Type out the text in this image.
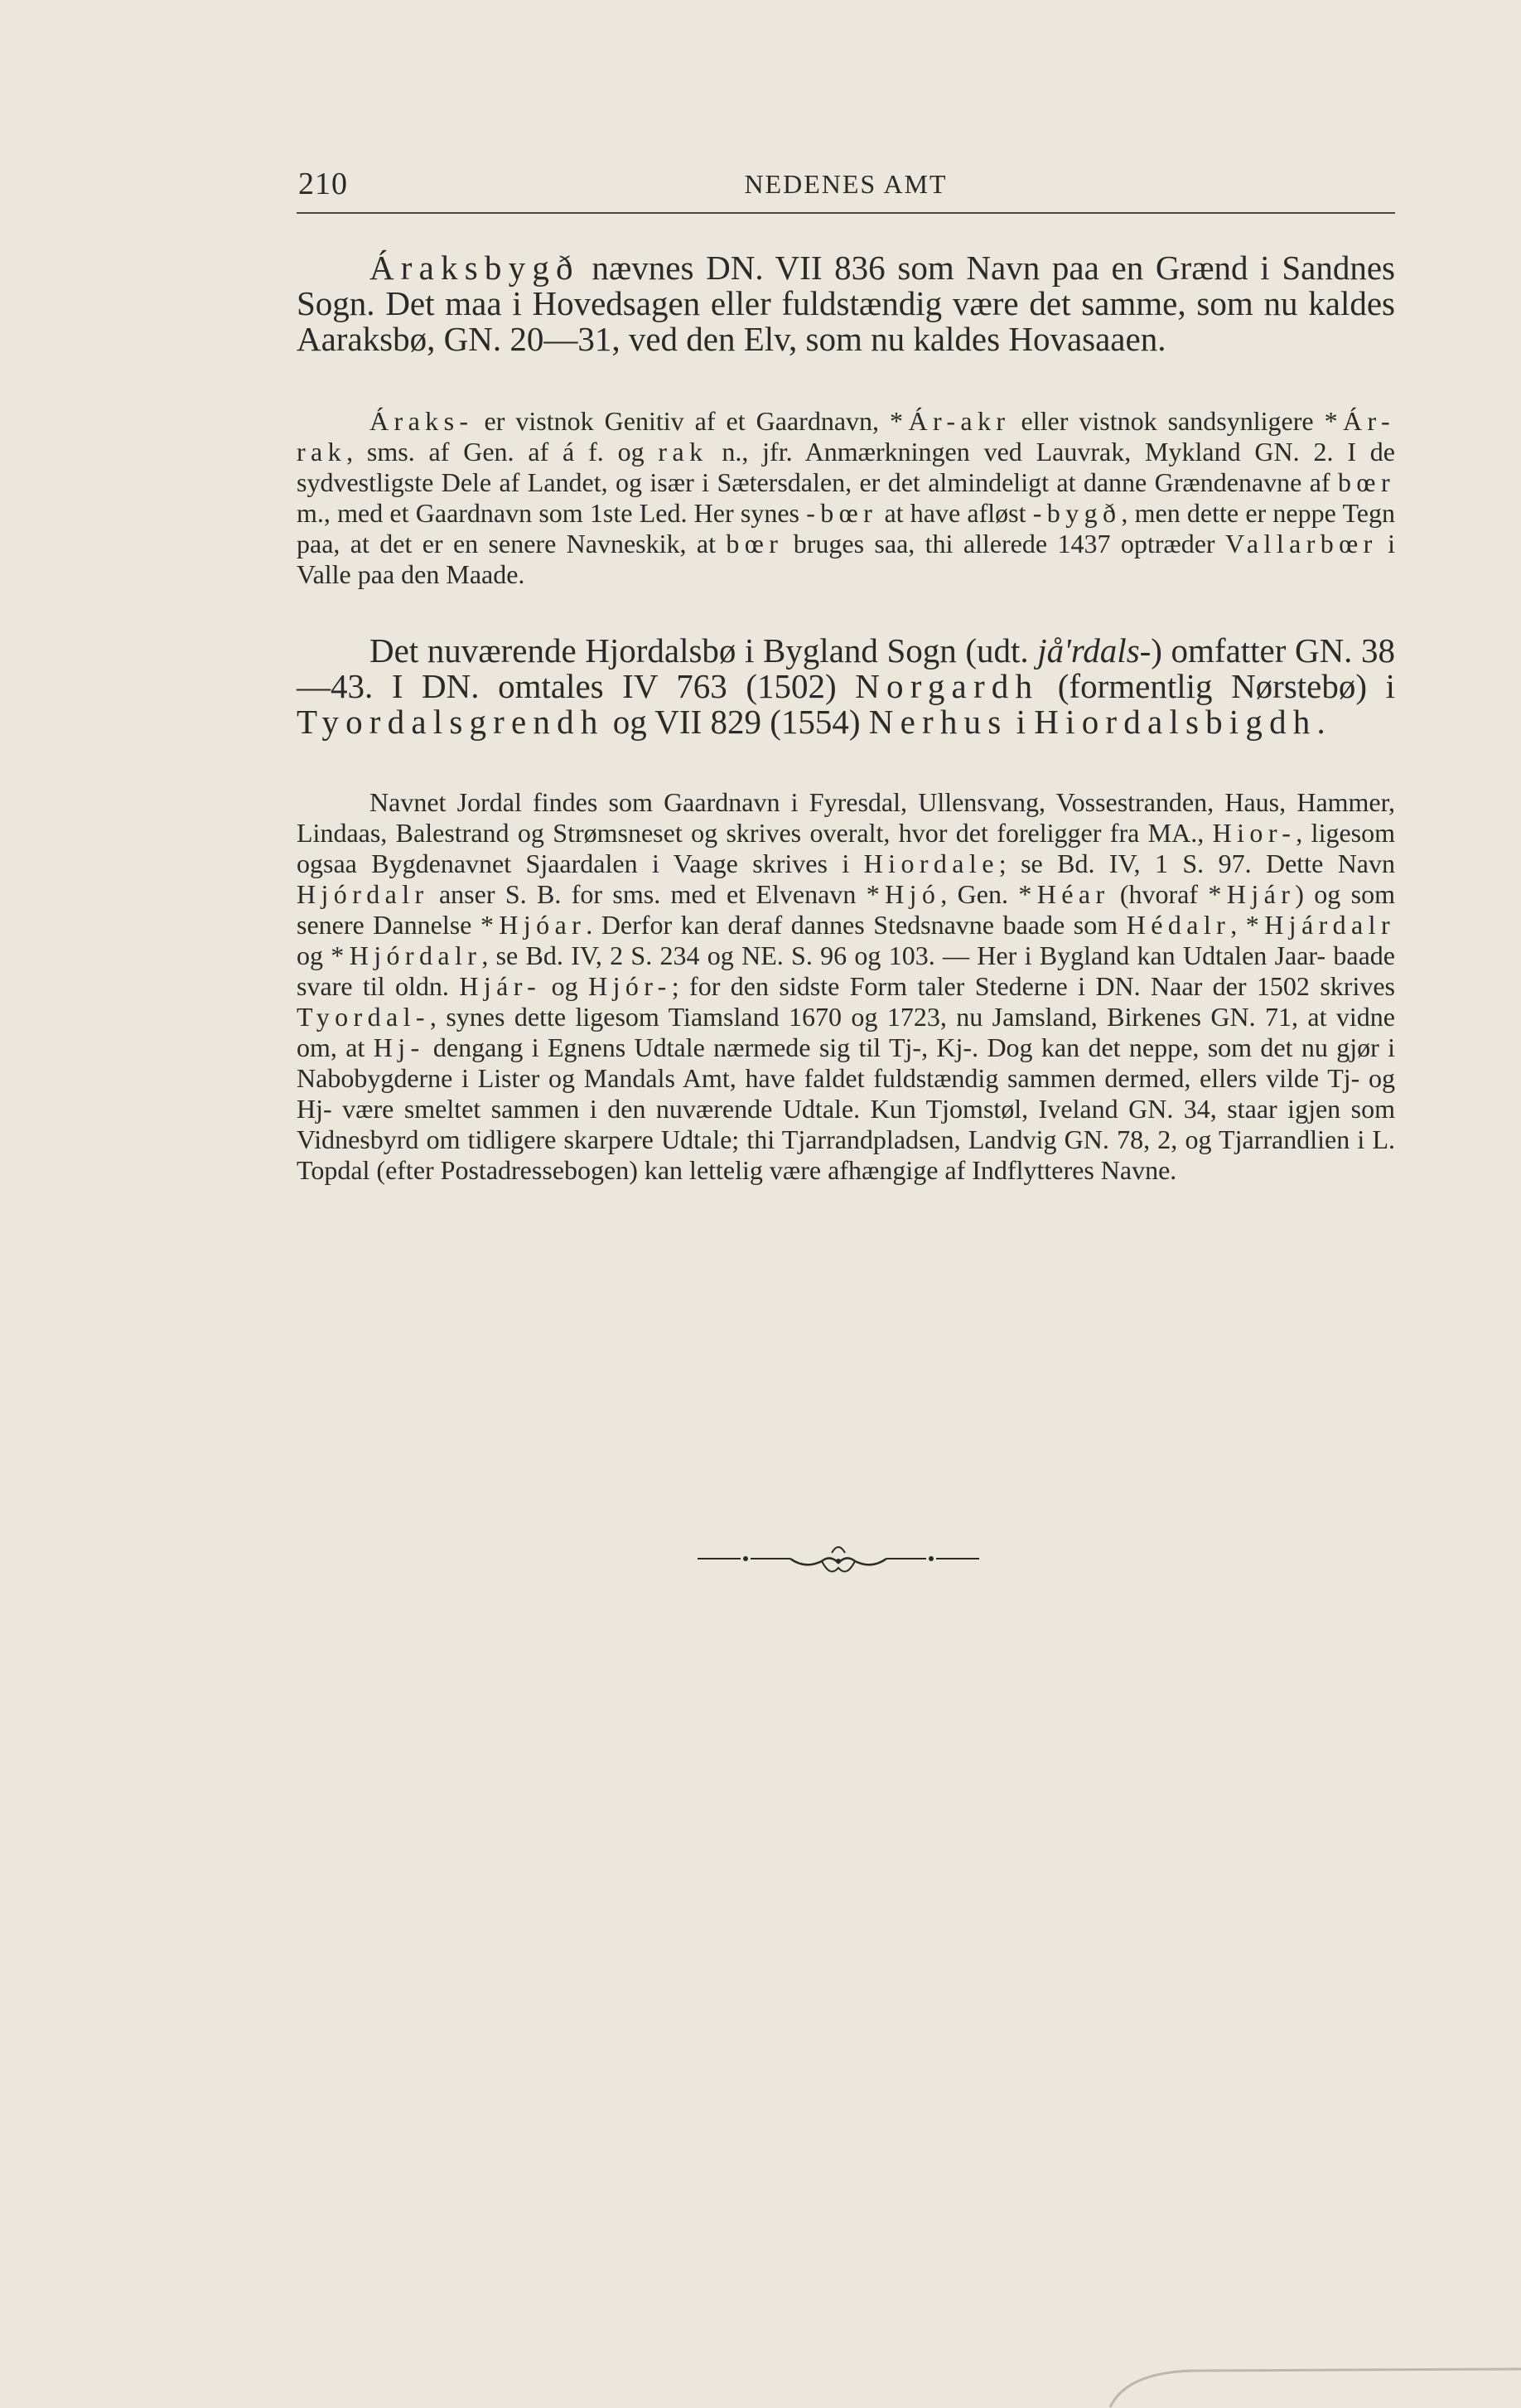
210	NEDENES AMT

Áraksbygð nævnes DN. VII 836 som Navn paa en Grænd i Sandnes Sogn. Det maa i Hovedsagen eller fuldstændig være det samme, som nu kaldes Aaraksbø, GN. 20—31, ved den Elv, som nu kaldes Hovasaaen.

Áraks- er vistnok Genitiv af et Gaardnavn, *Ár-akr eller vistnok sandsynligere *Ár-rak, sms. af Gen. af á f. og rak n., jfr. Anmærkningen ved Lauvrak, Mykland GN. 2. I de sydvestligste Dele af Landet, og især i Sætersdalen, er det almindeligt at danne Grændenavne af bœr m., med et Gaardnavn som 1ste Led. Her synes -bœr at have afløst -bygð, men dette er neppe Tegn paa, at det er en senere Navneskik, at bœr bruges saa, thi allerede 1437 optræder Vallarbœr i Valle paa den Maade.

Det nuværende Hjordalsbø i Bygland Sogn (udt. jå'rdals-) omfatter GN. 38—43. I DN. omtales IV 763 (1502) Norgardh (formentlig Nørstebø) i Tyordalsgrendh og VII 829 (1554) Nerhus i Hiordalsbigdh.

Navnet Jordal findes som Gaardnavn i Fyresdal, Ullensvang, Vossestranden, Haus, Hammer, Lindaas, Balestrand og Strømsneset og skrives overalt, hvor det foreligger fra MA., Hior-, ligesom ogsaa Bygdenavnet Sjaardalen i Vaage skrives i Hiordale; se Bd. IV, 1 S. 97. Dette Navn Hjórdalr anser S. B. for sms. med et Elvenavn *Hjó, Gen. *Héar (hvoraf *Hjár) og som senere Dannelse *Hjóar. Derfor kan deraf dannes Stedsnavne baade som Hédalr, *Hjárdalr og *Hjórdalr, se Bd. IV, 2 S. 234 og NE. S. 96 og 103. — Her i Bygland kan Udtalen Jaar- baade svare til oldn. Hjár- og Hjór-; for den sidste Form taler Stederne i DN. Naar der 1502 skrives Tyordal-, synes dette ligesom Tiamsland 1670 og 1723, nu Jamsland, Birkenes GN. 71, at vidne om, at Hj- dengang i Egnens Udtale nærmede sig til Tj-, Kj-. Dog kan det neppe, som det nu gjør i Nabobygderne i Lister og Mandals Amt, have faldet fuldstændig sammen dermed, ellers vilde Tj- og Hj- være smeltet sammen i den nuværende Udtale. Kun Tjomstøl, Iveland GN. 34, staar igjen som Vidnesbyrd om tidligere skarpere Udtale; thi Tjarrandpladsen, Landvig GN. 78, 2, og Tjarrandlien i L. Topdal (efter Postadressebogen) kan lettelig være afhængige af Indflytteres Navne.
